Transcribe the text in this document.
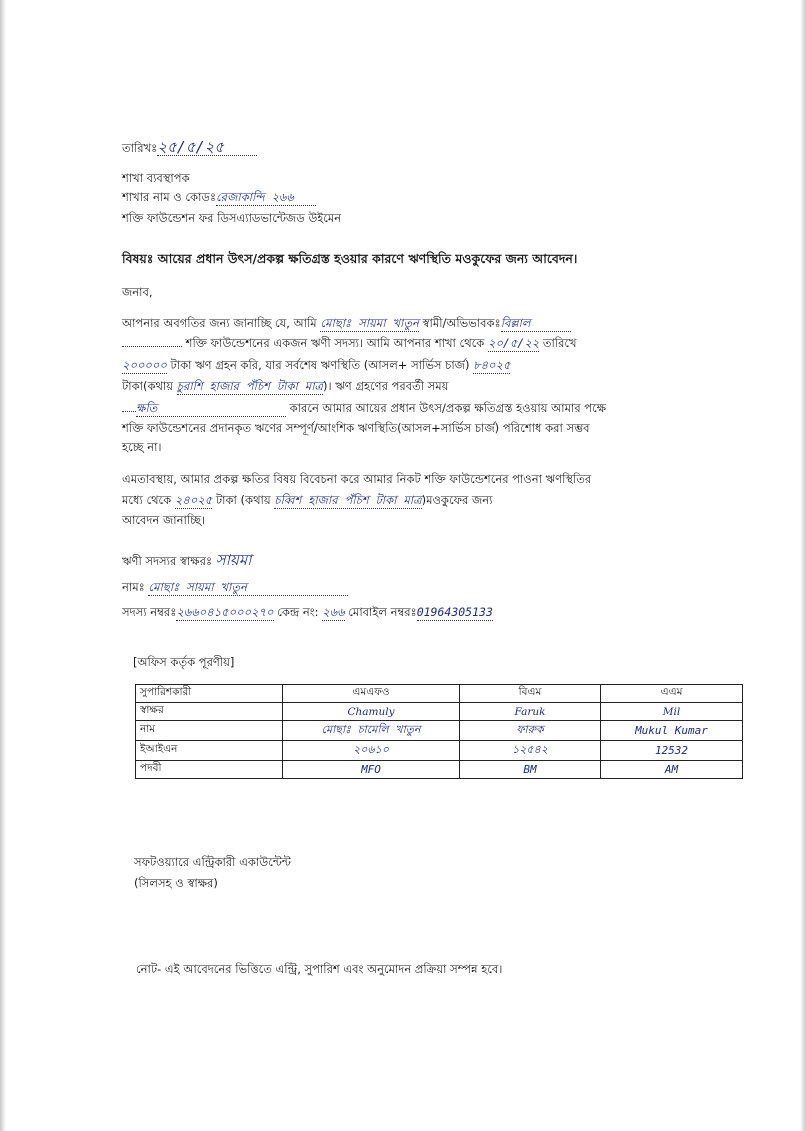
তারিখঃ২৫/৫/২৫
শাখা ব্যবস্থাপক
শাখার নাম ও কোডঃরেজাকান্দি ২৬৬
শক্তি ফাউন্ডেশন ফর ডিসএ্যাডভান্টেজড উইমেন
বিষয়ঃ আয়ের প্রধান উৎস/প্রকল্প ক্ষতিগ্রস্ত হওয়ার কারণে ঋণস্থিতি মওকুফের জন্য আবেদন।
জনাব,
আপনার অবগতির জন্য জানাচ্ছি যে, আমি মোছাঃ সায়মা খাতুন স্বামী/অভিভাবকঃবিল্লাল
শক্তি ফাউন্ডেশনের একজন ঋণী সদস্য। আমি আপনার শাখা থেকে ২০/৫/২২ তারিখে
২০০০০০ টাকা ঋণ গ্রহন করি, যার সর্বশেষ ঋণস্থিতি (আসল+ সার্ভিস চার্জ) ৮৪০২৫
টাকা(কথায় চুরাশি হাজার পঁচিশ টাকা মাত্র)। ঋণ গ্রহণের পরবর্তী সময়
ক্ষতি	কারনে আমার আয়ের প্রধান উৎস/প্রকল্প ক্ষতিগ্রস্ত হওয়ায় আমার পক্ষে
শক্তি ফাউন্ডেশনের প্রদানকৃত ঋণের সম্পূর্ণ/আংশিক ঋণস্থিতি(আসল+সার্ভিস চার্জ) পরিশোধ করা সম্ভব
হচ্ছে না।
এমতাবস্থায়, আমার প্রকল্প ক্ষতির বিষয় বিবেচনা করে আমার নিকট শক্তি ফাউন্ডেশনের পাওনা ঋণস্থিতির
মধ্যে থেকে ২৪০২৫ টাকা (কথায় চব্বিশ হাজার পঁচিশ টাকা মাত্র)মওকুফের জন্য
আবেদন জানাচ্ছি।
ঋণী সদস্যর স্বাক্ষরঃ সায়মা
নামঃ মোছাঃ সায়মা খাতুন
সদস্য নম্বরঃ২৬৬০৪১৫০০০২৭০ কেন্দ্র নং: ২৬৬ মোবাইল নম্বরঃ01964305133
[অফিস কর্তৃক পূরণীয়]
সুপারিশকারী	এমএফও	বিএম	এএম
স্বাক্ষর	Chamuly	Faruk	Mil
নাম	মোছাঃ চামেলি খাতুন	ফারুক	Mukul Kumar
ইআইএন	২০৬১০	১২৫৪২	12532
পদবী	MFO	BM	AM
সফটওয়্যারে এন্ট্রিকারী একাউন্টেন্ট
(সিলসহ ও স্বাক্ষর)
নোট- এই আবেদনের ভিত্তিতে এন্ট্রি, সুপারিশ এবং অনুমোদন প্রক্রিয়া সম্পন্ন হবে।
